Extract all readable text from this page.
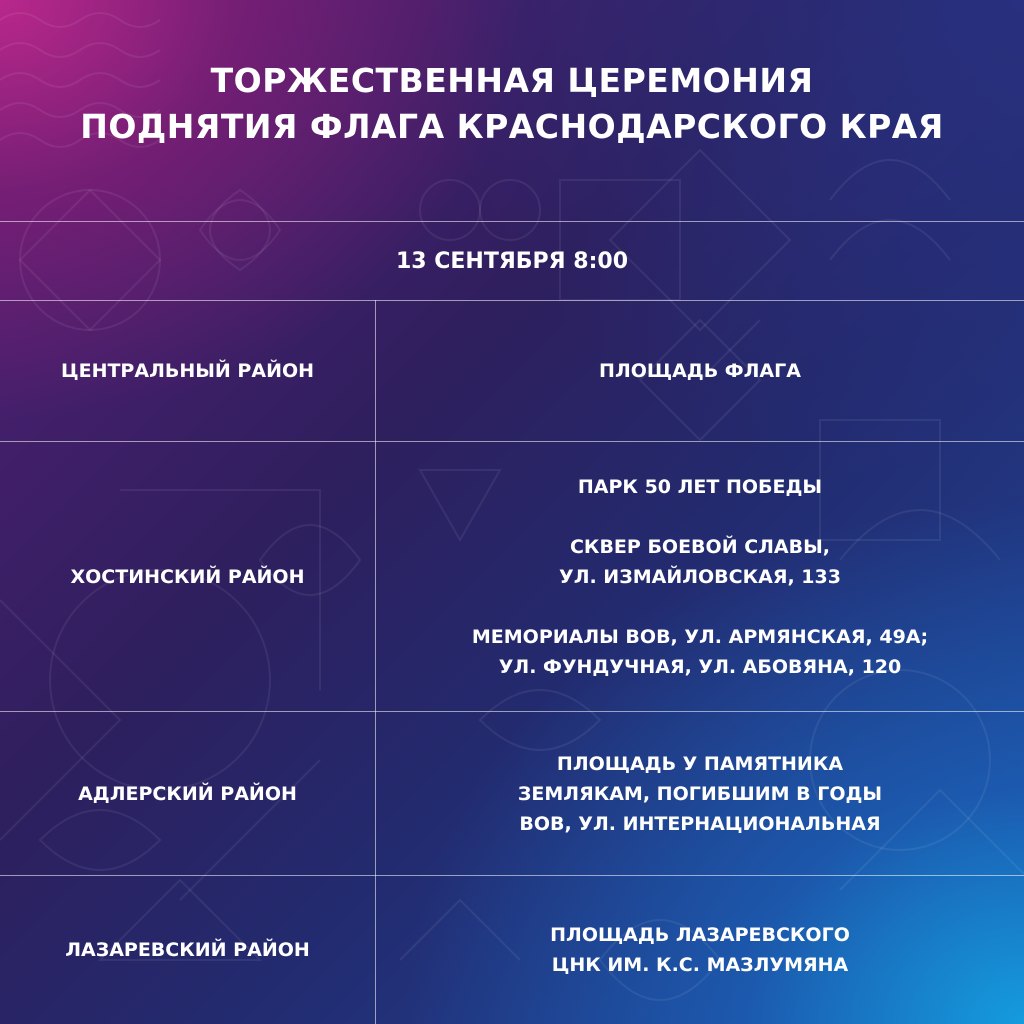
ТОРЖЕСТВЕННАЯ ЦЕРЕМОНИЯ
ПОДНЯТИЯ ФЛАГА КРАСНОДАРСКОГО КРАЯ
13 СЕНТЯБРЯ 8:00
ЦЕНТРАЛЬНЫЙ РАЙОН	ПЛОЩАДЬ ФЛАГА
ХОСТИНСКИЙ РАЙОН
ПАРК 50 ЛЕТ ПОБЕДЫ
СКВЕР БОЕВОЙ СЛАВЫ,
УЛ. ИЗМАЙЛОВСКАЯ, 133
МЕМОРИАЛЫ ВОВ, УЛ. АРМЯНСКАЯ, 49А;
УЛ. ФУНДУЧНАЯ, УЛ. АБОВЯНА, 120
АДЛЕРСКИЙ РАЙОН
ПЛОЩАДЬ У ПАМЯТНИКА
ЗЕМЛЯКАМ, ПОГИБШИМ В ГОДЫ
ВОВ, УЛ. ИНТЕРНАЦИОНАЛЬНАЯ
ЛАЗАРЕВСКИЙ РАЙОН
ПЛОЩАДЬ ЛАЗАРЕВСКОГО
ЦНК ИМ. К.С. МАЗЛУМЯНА
